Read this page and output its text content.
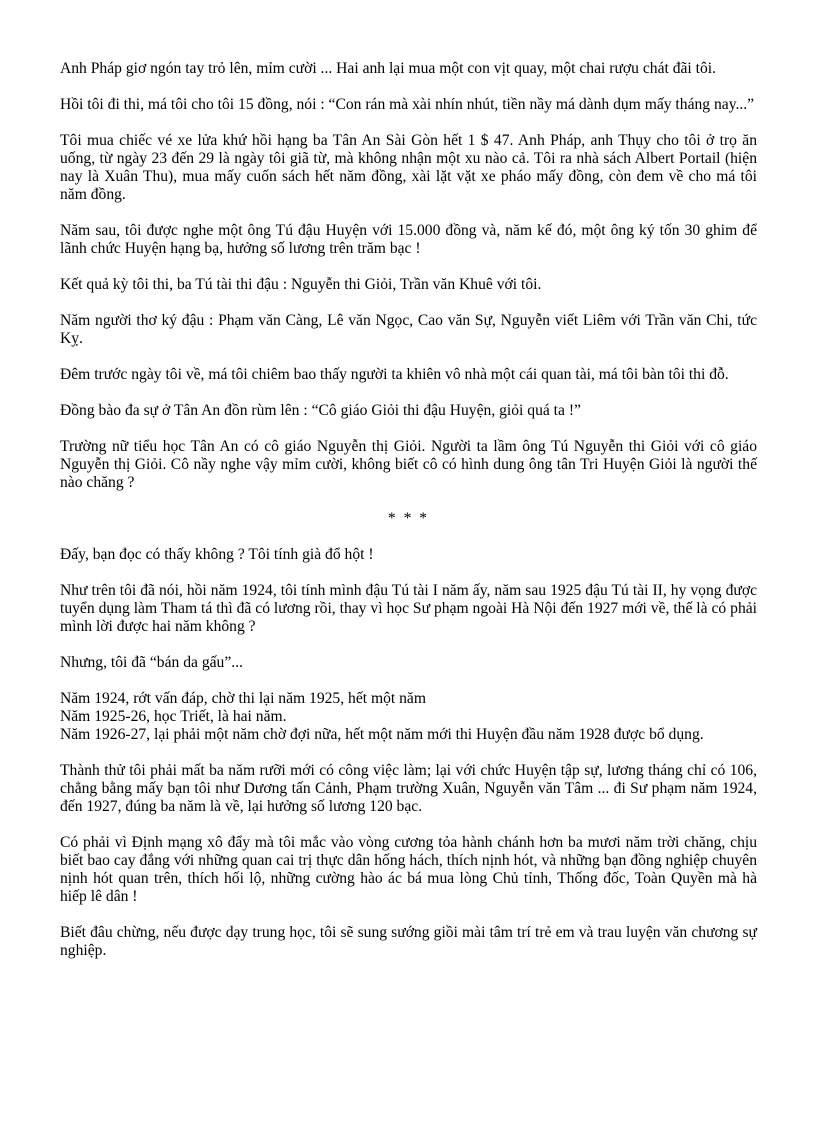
Anh Pháp giơ ngón tay trỏ lên, mỉm cười ... Hai anh lại mua một con vịt quay, một chai rượu chát đãi tôi.

Hồi tôi đi thi, má tôi cho tôi 15 đồng, nói : “Con rán mà xài nhín nhút, tiền nầy má dành dụm mấy tháng nay...”

Tôi mua chiếc vé xe lửa khứ hồi hạng ba Tân An Sài Gòn hết 1 $ 47. Anh Pháp, anh Thụy cho tôi ở trọ ăn uống, từ ngày 23 đến 29 là ngày tôi giã từ, mà không nhận một xu nào cả. Tôi ra nhà sách Albert Portail (hiện nay là Xuân Thu), mua mấy cuốn sách hết năm đồng, xài lặt vặt xe pháo mấy đồng, còn đem về cho má tôi năm đồng.

Năm sau, tôi được nghe một ông Tú đậu Huyện với 15.000 đồng và, năm kế đó, một ông ký tốn 30 ghim để lãnh chức Huyện hạng bạ, hưởng số lương trên trăm bạc !

Kết quả kỳ tôi thi, ba Tú tài thi đậu : Nguyễn thi Giỏi, Trần văn Khuê với tôi.

Năm người thơ ký đậu : Phạm văn Càng, Lê văn Ngọc, Cao văn Sự, Nguyễn viết Liêm với Trần văn Chi, tức Kỵ.

Đêm trước ngày tôi về, má tôi chiêm bao thấy người ta khiên vô nhà một cái quan tài, má tôi bàn tôi thi đỗ.

Đồng bào đa sự ở Tân An đồn rùm lên : “Cô giáo Giỏi thi đậu Huyện, giỏi quá ta !”

Trường nữ tiểu học Tân An có cô giáo Nguyễn thị Giỏi. Người ta lầm ông Tú Nguyễn thi Giỏi với cô giáo Nguyễn thị Giỏi. Cô nầy nghe vậy mỉm cười, không biết cô có hình dung ông tân Tri Huyện Giỏi là người thế nào chăng ?

* * *

Đấy, bạn đọc có thấy không ? Tôi tính già đổ hột !

Như trên tôi đã nói, hồi năm 1924, tôi tính mình đậu Tú tài I năm ấy, năm sau 1925 đậu Tú tài II, hy vọng được tuyển dụng làm Tham tá thì đã có lương rồi, thay vì học Sư phạm ngoài Hà Nội đến 1927 mới về, thế là có phải mình lời được hai năm không ?

Nhưng, tôi đã “bán da gấu”...

Năm 1924, rớt vấn đáp, chờ thi lại năm 1925, hết một năm
Năm 1925-26, học Triết, là hai năm.
Năm 1926-27, lại phải một năm chờ đợi nữa, hết một năm mới thi Huyện đầu năm 1928 được bổ dụng.

Thành thử tôi phải mất ba năm rưỡi mới có công việc làm; lại với chức Huyện tập sự, lương tháng chỉ có 106, chẳng bằng mấy bạn tôi như Dương tấn Cảnh, Phạm trường Xuân, Nguyễn văn Tâm ... đi Sư phạm năm 1924, đến 1927, đúng ba năm là về, lại hưởng số lương 120 bạc.

Có phải vì Định mạng xô đẩy mà tôi mắc vào vòng cương tỏa hành chánh hơn ba mươi năm trời chăng, chịu biết bao cay đắng với những quan cai trị thực dân hống hách, thích nịnh hót, và những bạn đồng nghiệp chuyên nịnh hót quan trên, thích hối lộ, những cường hào ác bá mua lòng Chủ tỉnh, Thống đốc, Toàn Quyền mà hà hiếp lê dân !

Biết đâu chừng, nếu được dạy trung học, tôi sẽ sung sướng giồi mài tâm trí trẻ em và trau luyện văn chương sự nghiệp.
